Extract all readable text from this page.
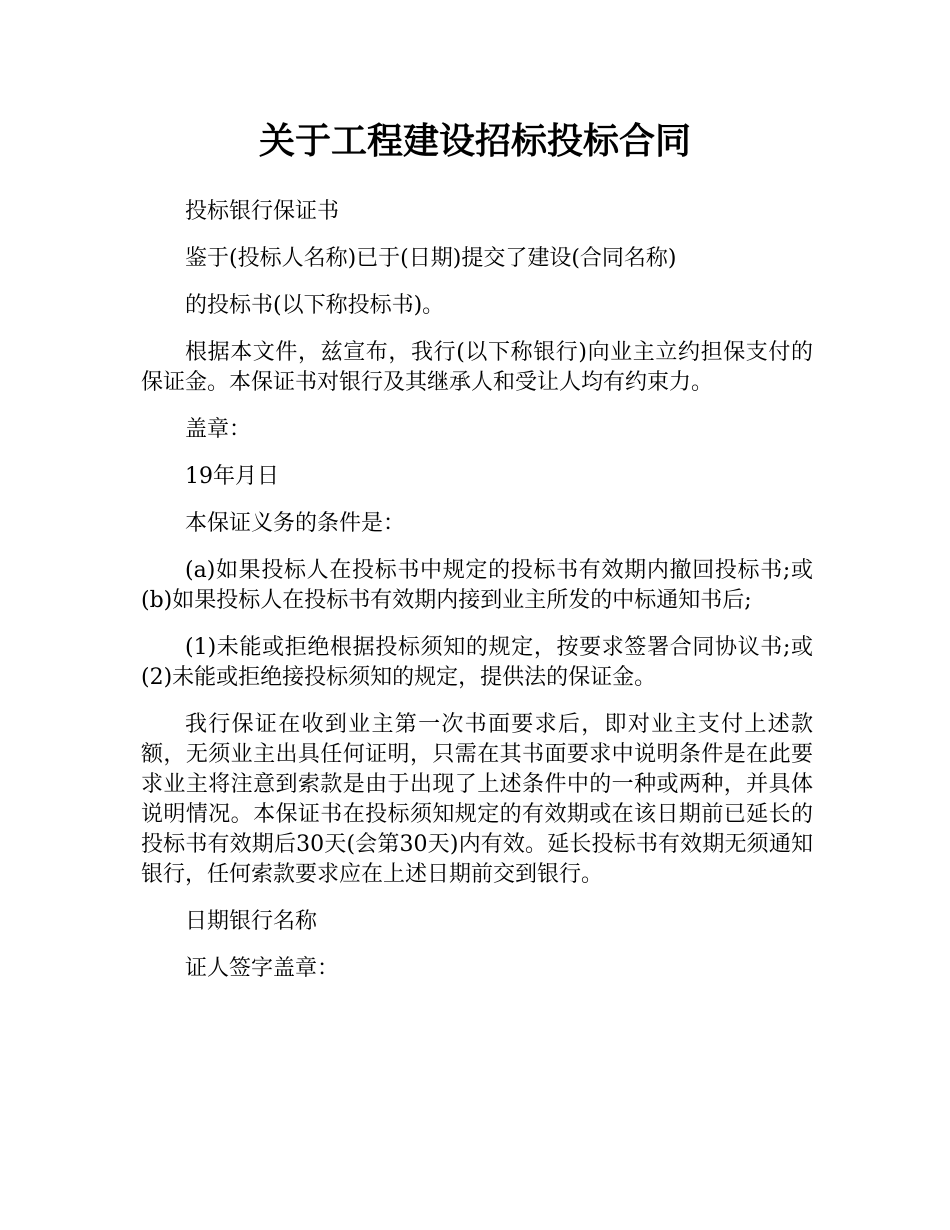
关于工程建设招标投标合同

投标银行保证书

鉴于(投标人名称)已于(日期)提交了建设(合同名称)

的投标书(以下称投标书)。

根据本文件，兹宣布，我行(以下称银行)向业主立约担保支付的保证金。本保证书对银行及其继承人和受让人均有约束力。

盖章：

19年月日

本保证义务的条件是：

(a)如果投标人在投标书中规定的投标书有效期内撤回投标书;或(b)如果投标人在投标书有效期内接到业主所发的中标通知书后;

(1)未能或拒绝根据投标须知的规定，按要求签署合同协议书;或(2)未能或拒绝接投标须知的规定，提供法的保证金。

我行保证在收到业主第一次书面要求后，即对业主支付上述款额，无须业主出具任何证明，只需在其书面要求中说明条件是在此要求业主将注意到索款是由于出现了上述条件中的一种或两种，并具体说明情况。本保证书在投标须知规定的有效期或在该日期前已延长的投标书有效期后30天(会第30天)内有效。延长投标书有效期无须通知银行，任何索款要求应在上述日期前交到银行。

日期银行名称

证人签字盖章：
